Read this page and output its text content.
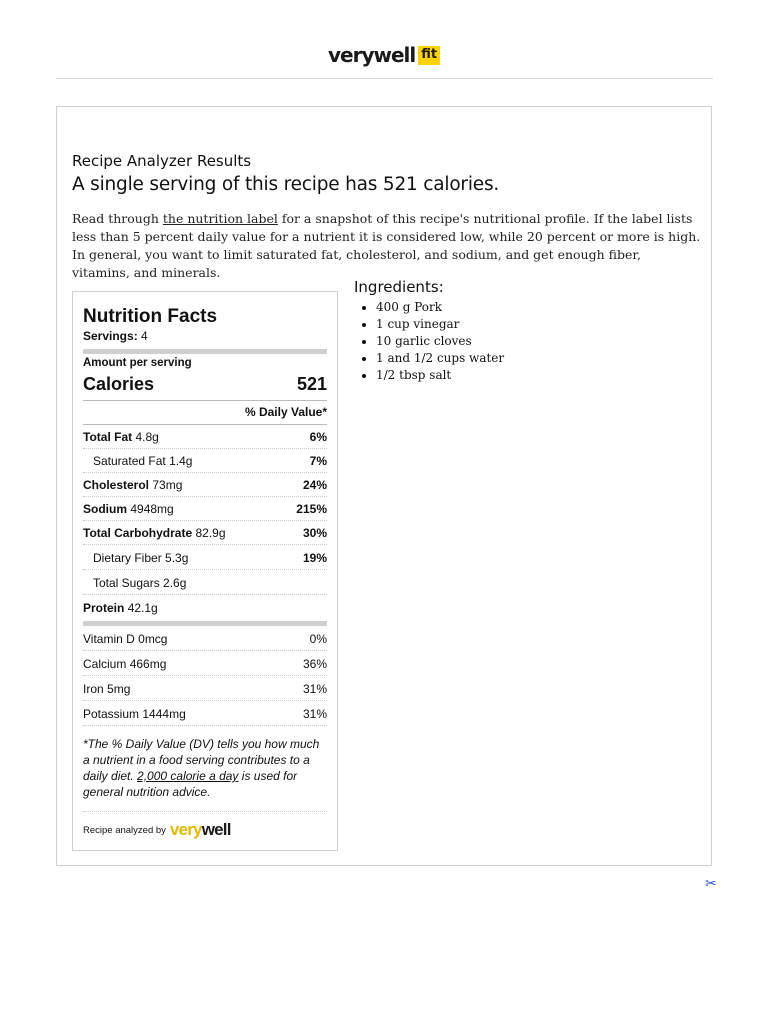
verywell fit
Recipe Analyzer Results
A single serving of this recipe has 521 calories.
Read through the nutrition label for a snapshot of this recipe's nutritional profile. If the label lists less than 5 percent daily value for a nutrient it is considered low, while 20 percent or more is high. In general, you want to limit saturated fat, cholesterol, and sodium, and get enough fiber, vitamins, and minerals.
Nutrition Facts
Servings: 4
Amount per serving
Calories	521
% Daily Value*
Total Fat 4.8g	6%
Saturated Fat 1.4g	7%
Cholesterol 73mg	24%
Sodium 4948mg	215%
Total Carbohydrate 82.9g	30%
Dietary Fiber 5.3g	19%
Total Sugars 2.6g
Protein 42.1g
Vitamin D 0mcg	0%
Calcium 466mg	36%
Iron 5mg	31%
Potassium 1444mg	31%
*The % Daily Value (DV) tells you how much a nutrient in a food serving contributes to a daily diet. 2,000 calorie a day is used for general nutrition advice.
Recipe analyzed by verywell
Ingredients:
• 400 g Pork
• 1 cup vinegar
• 10 garlic cloves
• 1 and 1/2 cups water
• 1/2 tbsp salt
✂
